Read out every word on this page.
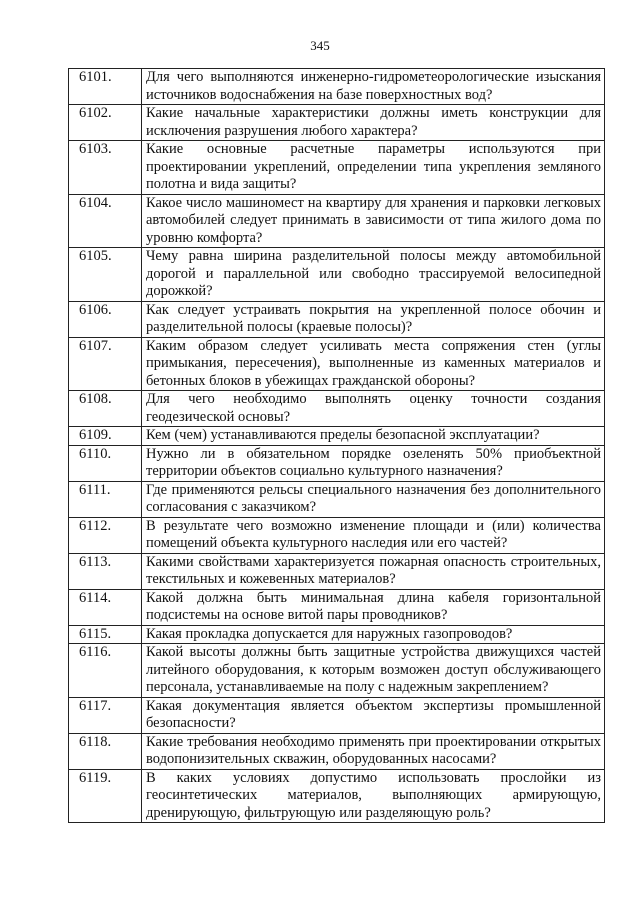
345
6101.	Для чего выполняются инженерно-гидрометеорологические изыскания источников водоснабжения на базе поверхностных вод?
6102.	Какие начальные характеристики должны иметь конструкции для исключения разрушения любого характера?
6103.	Какие основные расчетные параметры используются при проектировании укреплений, определении типа укрепления земляного полотна и вида защиты?
6104.	Какое число машиномест на квартиру для хранения и парковки легковых автомобилей следует принимать в зависимости от типа жилого дома по уровню комфорта?
6105.	Чему равна ширина разделительной полосы между автомобильной дорогой и параллельной или свободно трассируемой велосипедной дорожкой?
6106.	Как следует устраивать покрытия на укрепленной полосе обочин и разделительной полосы (краевые полосы)?
6107.	Каким образом следует усиливать места сопряжения стен (углы примыкания, пересечения), выполненные из каменных материалов и бетонных блоков в убежищах гражданской обороны?
6108.	Для чего необходимо выполнять оценку точности создания геодезической основы?
6109.	Кем (чем) устанавливаются пределы безопасной эксплуатации?
6110.	Нужно ли в обязательном порядке озеленять 50% приобъектной территории объектов социально культурного назначения?
6111.	Где применяются рельсы специального назначения без дополнительного согласования с заказчиком?
6112.	В результате чего возможно изменение площади и (или) количества помещений объекта культурного наследия или его частей?
6113.	Какими свойствами характеризуется пожарная опасность строительных, текстильных и кожевенных материалов?
6114.	Какой должна быть минимальная длина кабеля горизонтальной подсистемы на основе витой пары проводников?
6115.	Какая прокладка допускается для наружных газопроводов?
6116.	Какой высоты должны быть защитные устройства движущихся частей литейного оборудования, к которым возможен доступ обслуживающего персонала, устанавливаемые на полу с надежным закреплением?
6117.	Какая документация является объектом экспертизы промышленной безопасности?
6118.	Какие требования необходимо применять при проектировании открытых водопонизительных скважин, оборудованных насосами?
6119.	В каких условиях допустимо использовать прослойки из геосинтетических материалов, выполняющих армирующую, дренирующую, фильтрующую или разделяющую роль?
